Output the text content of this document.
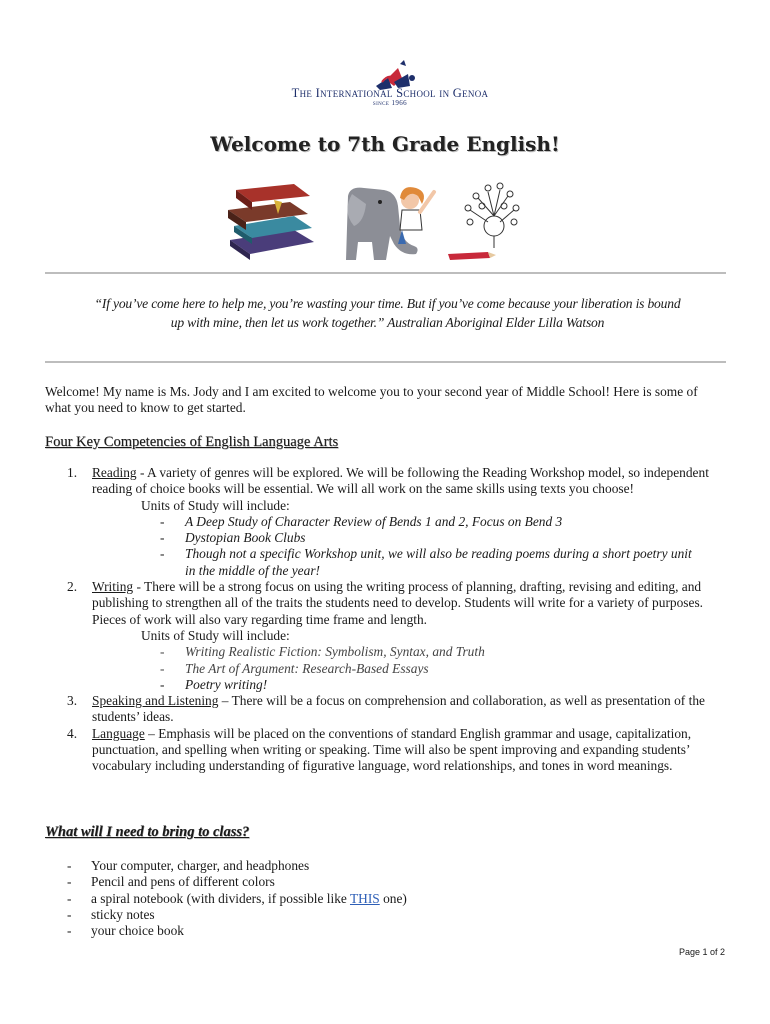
The International School in Genoa
since 1966
Welcome to 7th Grade English!
“If you’ve come here to help me, you’re wasting your time. But if you’ve come because your liberation is bound
up with mine, then let us work together.” Australian Aboriginal Elder Lilla Watson
Welcome! My name is Ms. Jody and I am excited to welcome you to your second year of Middle School! Here is some of what you need to know to get started.
Four Key Competencies of English Language Arts
1. Reading - A variety of genres will be explored. We will be following the Reading Workshop model, so independent reading of choice books will be essential. We will all work on the same skills using texts you choose!
Units of Study will include:
- A Deep Study of Character Review of Bends 1 and 2, Focus on Bend 3
- Dystopian Book Clubs
- Though not a specific Workshop unit, we will also be reading poems during a short poetry unit in the middle of the year!
2. Writing - There will be a strong focus on using the writing process of planning, drafting, revising and editing, and publishing to strengthen all of the traits the students need to develop. Students will write for a variety of purposes. Pieces of work will also vary regarding time frame and length.
Units of Study will include:
- Writing Realistic Fiction: Symbolism, Syntax, and Truth
- The Art of Argument: Research-Based Essays
- Poetry writing!
3. Speaking and Listening – There will be a focus on comprehension and collaboration, as well as presentation of the students’ ideas.
4. Language – Emphasis will be placed on the conventions of standard English grammar and usage, capitalization, punctuation, and spelling when writing or speaking. Time will also be spent improving and expanding students’ vocabulary including understanding of figurative language, word relationships, and tones in word meanings.
What will I need to bring to class?
- Your computer, charger, and headphones
- Pencil and pens of different colors
- a spiral notebook (with dividers, if possible like THIS one)
- sticky notes
- your choice book
Page 1 of 2
